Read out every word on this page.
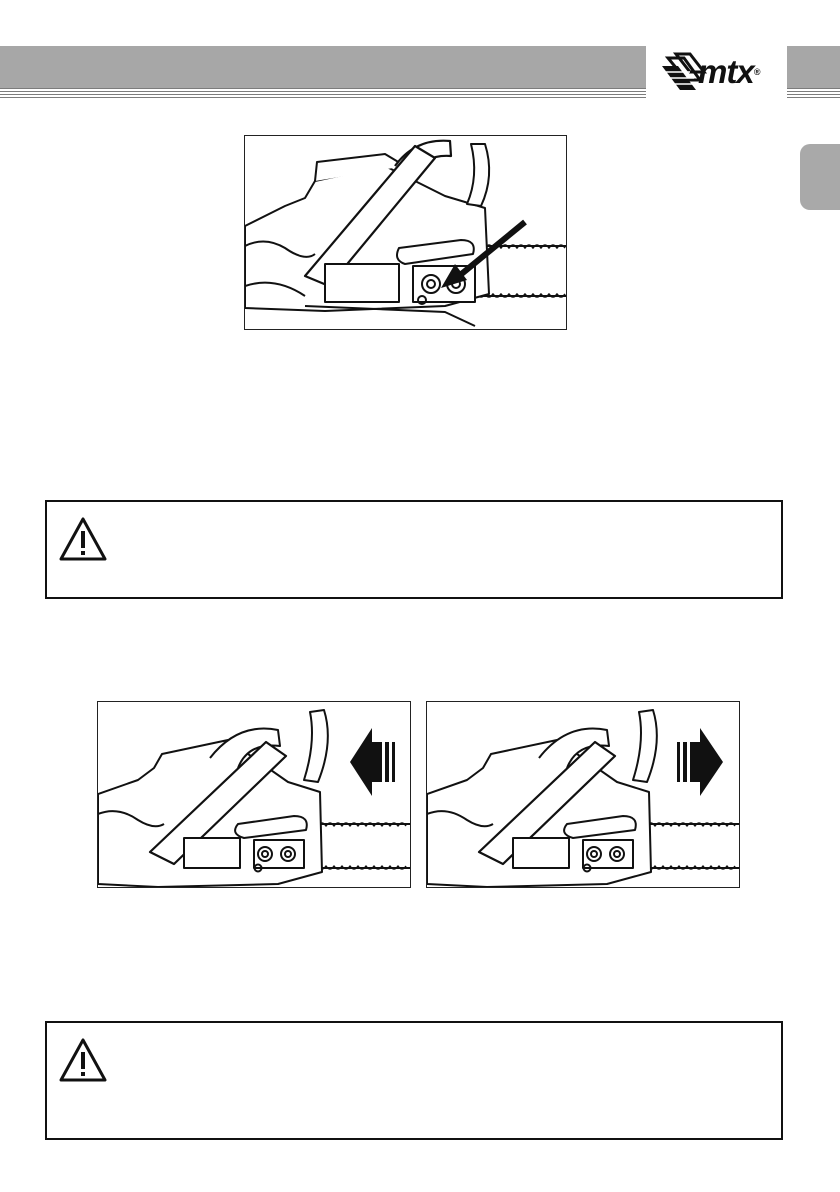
mtx®
